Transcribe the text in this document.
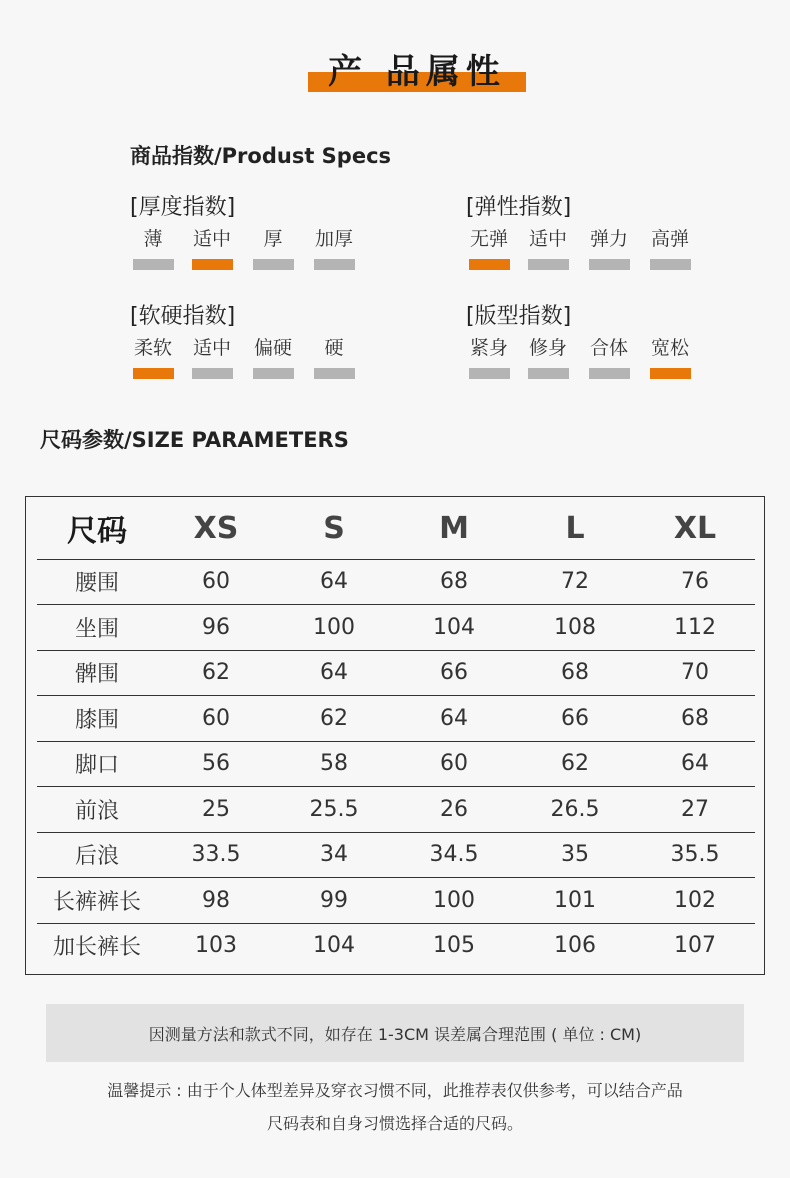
产 品属性
商品指数/Produst Specs
[厚度指数]
薄	适中	厚	加厚
[弹性指数]
无弹 适中 弹力 高弹
[软硬指数]
柔软 适中 偏硬	硬
[版型指数]
紧身 修身 合体 宽松
尺码参数/SIZE PARAMETERS
尺码	XS	S	M	L	XL
腰围	60	64	68	72	76
坐围	96	100	104	108	112
髀围	62	64	66	68	70
膝围	60	62	64	66	68
脚口	56	58	60	62	64
前浪	25	25.5	26	26.5	27
后浪	33.5	34	34.5	35	35.5
长裤裤长	98	99	100	101	102
加长裤长	103	104	105	106	107
因测量方法和款式不同，如存在 1-3CM 误差属合理范围 ( 单位 : CM)
温馨提示 : 由于个人体型差异及穿衣习惯不同，此推荐表仅供参考，可以结合产品
尺码表和自身习惯选择合适的尺码。
